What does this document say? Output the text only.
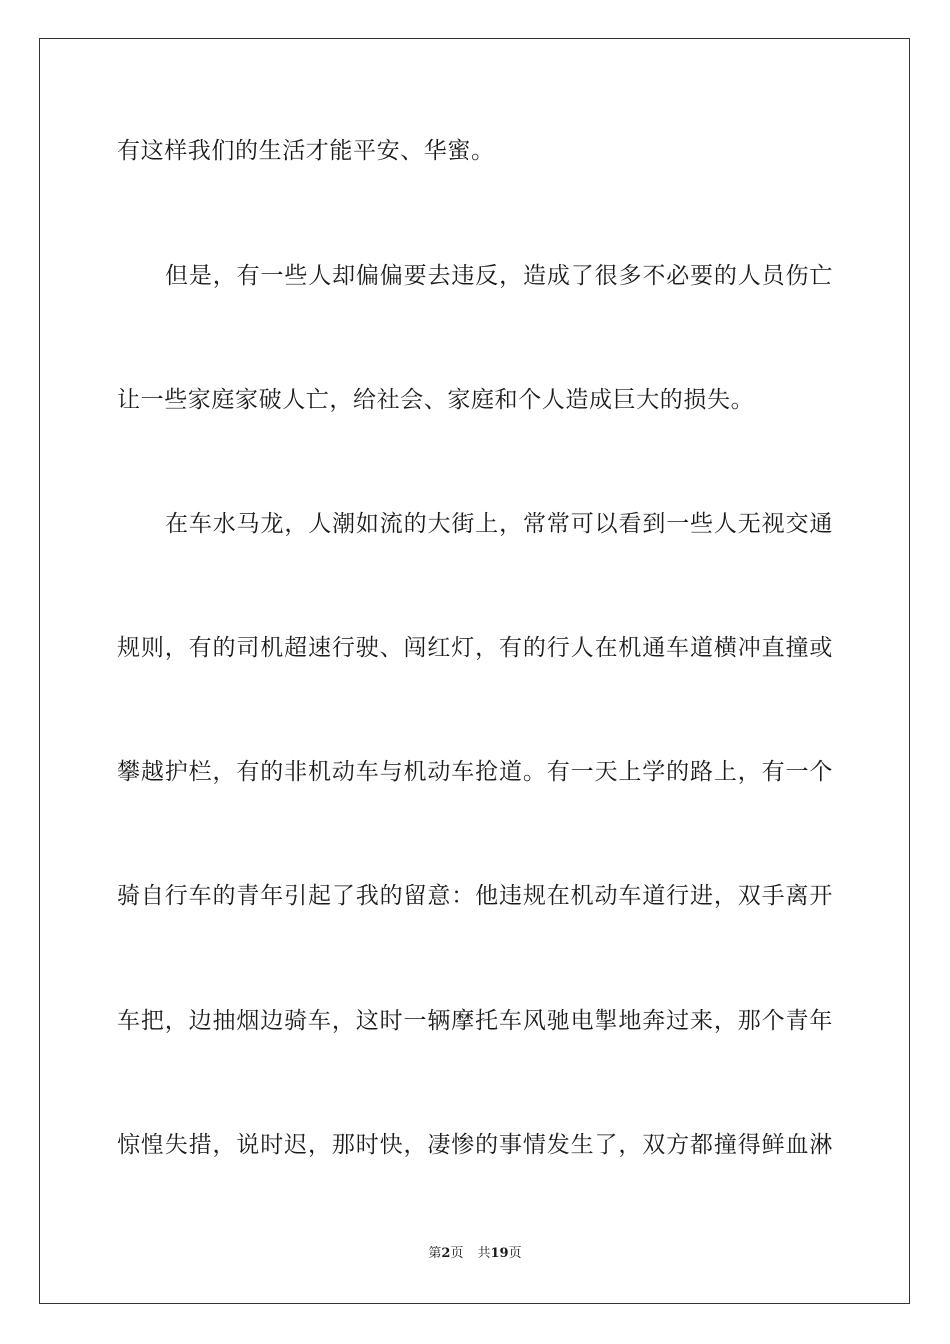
有这样我们的生活才能平安、华蜜。
但是，有一些人却偏偏要去违反，造成了很多不必要的人员伤亡
让一些家庭家破人亡，给社会、家庭和个人造成巨大的损失。
在车水马龙，人潮如流的大街上，常常可以看到一些人无视交通
规则，有的司机超速行驶、闯红灯，有的行人在机通车道横冲直撞或
攀越护栏，有的非机动车与机动车抢道。有一天上学的路上，有一个
骑自行车的青年引起了我的留意：他违规在机动车道行进，双手离开
车把，边抽烟边骑车，这时一辆摩托车风驰电掣地奔过来，那个青年
惊惶失措，说时迟，那时快，凄惨的事情发生了，双方都撞得鲜血淋
第2页 共19页
